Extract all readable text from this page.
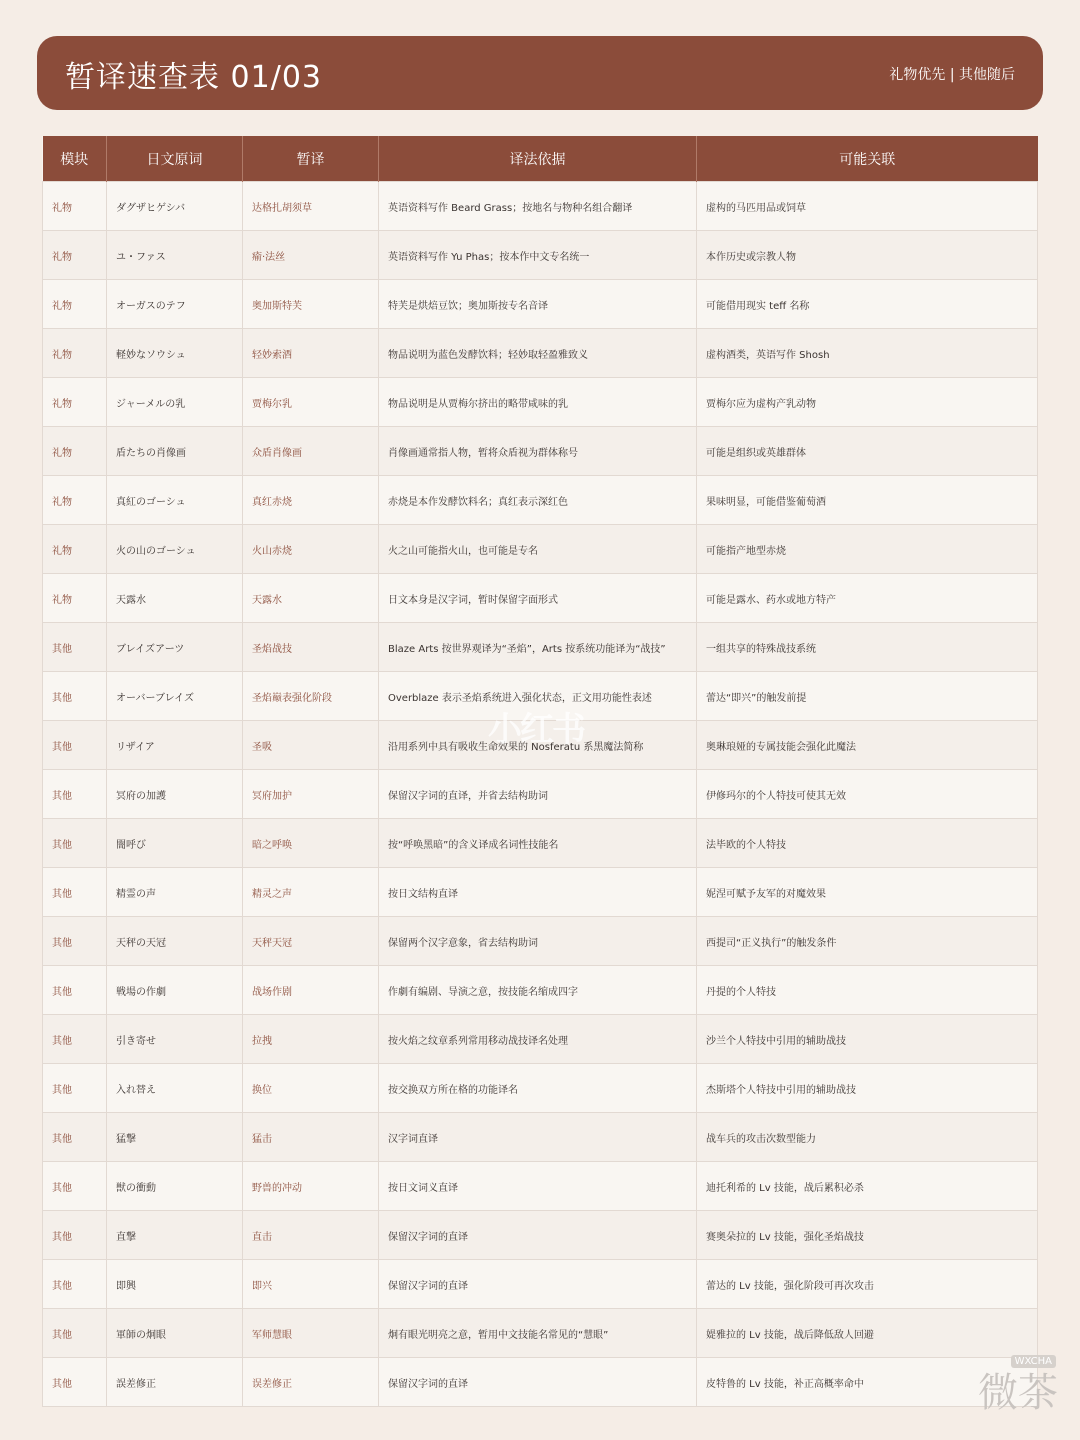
暂译速查表 01/03	礼物优先 | 其他随后
模块	日文原词	暂译	译法依据	可能关联
礼物	ダグザヒゲシバ	达格扎胡须草	英语资料写作 Beard Grass；按地名与物种名组合翻译	虚构的马匹用品或饲草
礼物	ユ・ファス	瘉·法丝	英语资料写作 Yu Phas；按本作中文专名统一	本作历史或宗教人物
礼物	オーガスのテフ	奥加斯特芙	特芙是烘焙豆饮；奥加斯按专名音译	可能借用现实 teff 名称
礼物	軽妙なソウシュ	轻妙索酒	物品说明为蓝色发酵饮料；轻妙取轻盈雅致义	虚构酒类，英语写作 Shosh
礼物	ジャーメルの乳	贾梅尔乳	物品说明是从贾梅尔挤出的略带咸味的乳	贾梅尔应为虚构产乳动物
礼物	盾たちの肖像画	众盾肖像画	肖像画通常指人物，暂将众盾视为群体称号	可能是组织或英雄群体
礼物	真紅のゴーシュ	真红赤烧	赤烧是本作发酵饮料名；真红表示深红色	果味明显，可能借鉴葡萄酒
礼物	火の山のゴーシュ	火山赤烧	火之山可能指火山，也可能是专名	可能指产地型赤烧
礼物	天露水	天露水	日文本身是汉字词，暂时保留字面形式	可能是露水、药水或地方特产
其他	ブレイズアーツ	圣焰战技	Blaze Arts 按世界观译为“圣焰”，Arts 按系统功能译为“战技”	一组共享的特殊战技系统
其他	オーバーブレイズ	圣焰巅表强化阶段	Overblaze 表示圣焰系统进入强化状态，正文用功能性表述	蕾达“即兴”的触发前提
其他	リザイア	圣吸	沿用系列中具有吸收生命效果的 Nosferatu 系黑魔法简称	奥琳琅娅的专属技能会强化此魔法
其他	冥府の加護	冥府加护	保留汉字词的直译，并省去结构助词	伊修玛尔的个人特技可使其无效
其他	闇呼び	暗之呼唤	按“呼唤黑暗”的含义译成名词性技能名	法毕欧的个人特技
其他	精霊の声	精灵之声	按日文结构直译	妮涅可赋予友军的对魔效果
其他	天秤の天冠	天秤天冠	保留两个汉字意象，省去结构助词	西提司“正义执行”的触发条件
其他	戦場の作劇	战场作剧	作劇有编剧、导演之意，按技能名缩成四字	丹提的个人特技
其他	引き寄せ	拉拽	按火焰之纹章系列常用移动战技译名处理	沙兰个人特技中引用的辅助战技
其他	入れ替え	换位	按交换双方所在格的功能译名	杰斯塔个人特技中引用的辅助战技
其他	猛撃	猛击	汉字词直译	战车兵的攻击次数型能力
其他	獣の衝動	野兽的冲动	按日文词义直译	迪托利希的 Lv 技能，战后累积必杀
其他	直撃	直击	保留汉字词的直译	赛奥朵拉的 Lv 技能，强化圣焰战技
其他	即興	即兴	保留汉字词的直译	蕾达的 Lv 技能，强化阶段可再次攻击
其他	軍師の炯眼	军师慧眼	炯有眼光明亮之意，暂用中文技能名常见的“慧眼”	媞雅拉的 Lv 技能，战后降低敌人回避
其他	誤差修正	误差修正	保留汉字词的直译	皮特鲁的 Lv 技能，补正高概率命中
小红书
微茶
WXCHA
